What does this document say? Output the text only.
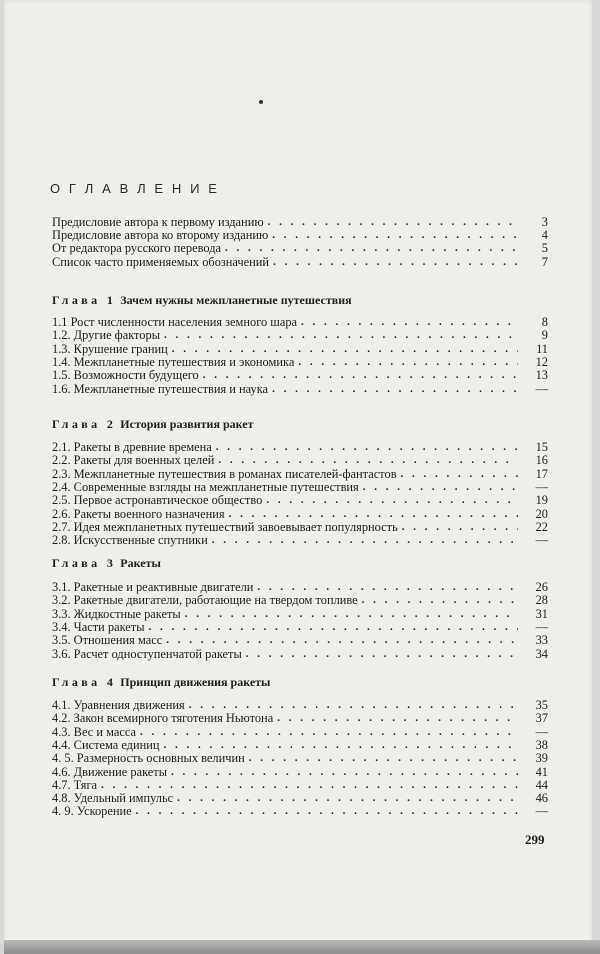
О Г Л А В Л Е Н И Е
Предисловие автора к первому изданию . . .	3
Предисловие автора ко второму изданию . . .	4
От редактора русского перевода . . .	5
Список часто применяемых обозначений . . .	7
Глава 1 Зачем нужны межпланетные путешествия
1.1 Рост численности населения земного шара . . .	8
1.2. Другие факторы . . .	9
1.3. Крушение границ . . .	11
1.4. Межпланетные путешествия и экономика . . .	12
1.5. Возможности будущего . . .	13
1.6. Межпланетные путешествия и наука . . .	—
Глава 2 История развития ракет
2.1. Ракеты в древние времена . . .	15
2.2. Ракеты для военных целей . . .	16
2.3. Межпланетные путешествия в романах писателей-фантастов . . .	17
2.4. Современные взгляды на межпланетные путешествия . . .	—
2.5. Первое астронавтическое общество . . .	19
2.6. Ракеты военного назначения . . .	20
2.7. Идея межпланетных путешествий завоевывает популярность . . .	22
2.8. Искусственные спутники . . .	—
Глава 3 Ракеты
3.1. Ракетные и реактивные двигатели . . .	26
3.2. Ракетные двигатели, работающие на твердом топливе . . .	28
3.3. Жидкостные ракеты . . .	31
3.4. Части ракеты . . .	—
3.5. Отношения масс . . .	33
3.6. Расчет одноступенчатой ракеты . . .	34
Глава 4 Принцип движения ракеты
4.1. Уравнения движения . . .	35
4.2. Закон всемирного тяготения Ньютона . . .	37
4.3. Вес и масса . . .	—
4.4. Система единиц . . .	38
4. 5. Размерность основных величин . . .	39
4.6. Движение ракеты . . .	41
4.7. Тяга . . .	44
4.8. Удельный импульс . . .	46
4. 9. Ускорение . . .	—
299
